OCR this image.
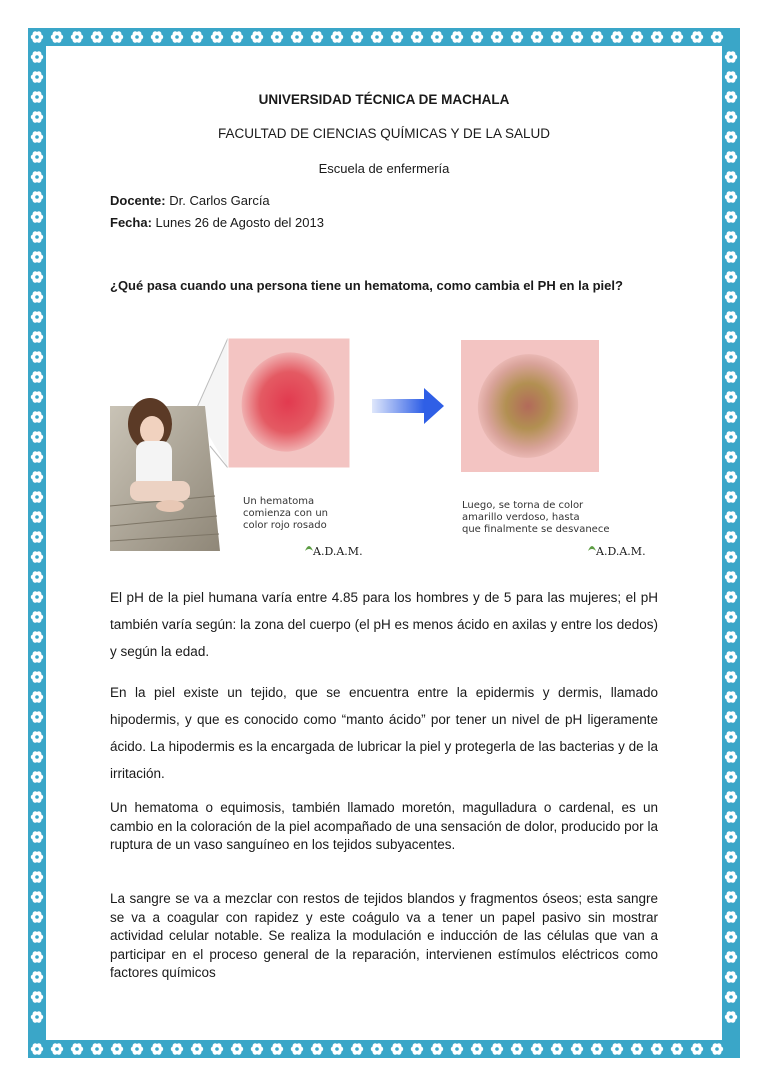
UNIVERSIDAD TÉCNICA DE MACHALA
FACULTAD DE CIENCIAS QUÍMICAS Y DE LA SALUD
Escuela de enfermería
Docente: Dr. Carlos García
Fecha: Lunes 26 de Agosto del 2013
¿Qué pasa cuando una persona tiene un hematoma, como cambia el PH en la piel?
Un hematoma
comienza con un
color rojo rosado
Luego, se torna de color
amarillo verdoso, hasta
que finalmente se desvanece
A.D.A.M.	A.D.A.M.
El pH de la piel humana varía entre 4.85 para los hombres y de 5 para las mujeres; el pH también varía según: la zona del cuerpo (el pH es menos ácido en axilas y entre los dedos) y según la edad.
En la piel existe un tejido, que se encuentra entre la epidermis y dermis, llamado hipodermis, y que es conocido como “manto ácido” por tener un nivel de pH ligeramente ácido. La hipodermis es la encargada de lubricar la piel y protegerla de las bacterias y de la irritación.
Un hematoma o equimosis, también llamado moretón, magulladura o cardenal, es un cambio en la coloración de la piel acompañado de una sensación de dolor, producido por la ruptura de un vaso sanguíneo en los tejidos subyacentes.
La sangre se va a mezclar con restos de tejidos blandos y fragmentos óseos; esta sangre se va a coagular con rapidez y este coágulo va a tener un papel pasivo sin mostrar actividad celular notable. Se realiza la modulación e inducción de las células que van a participar en el proceso general de la reparación, intervienen estímulos eléctricos como factores químicos
